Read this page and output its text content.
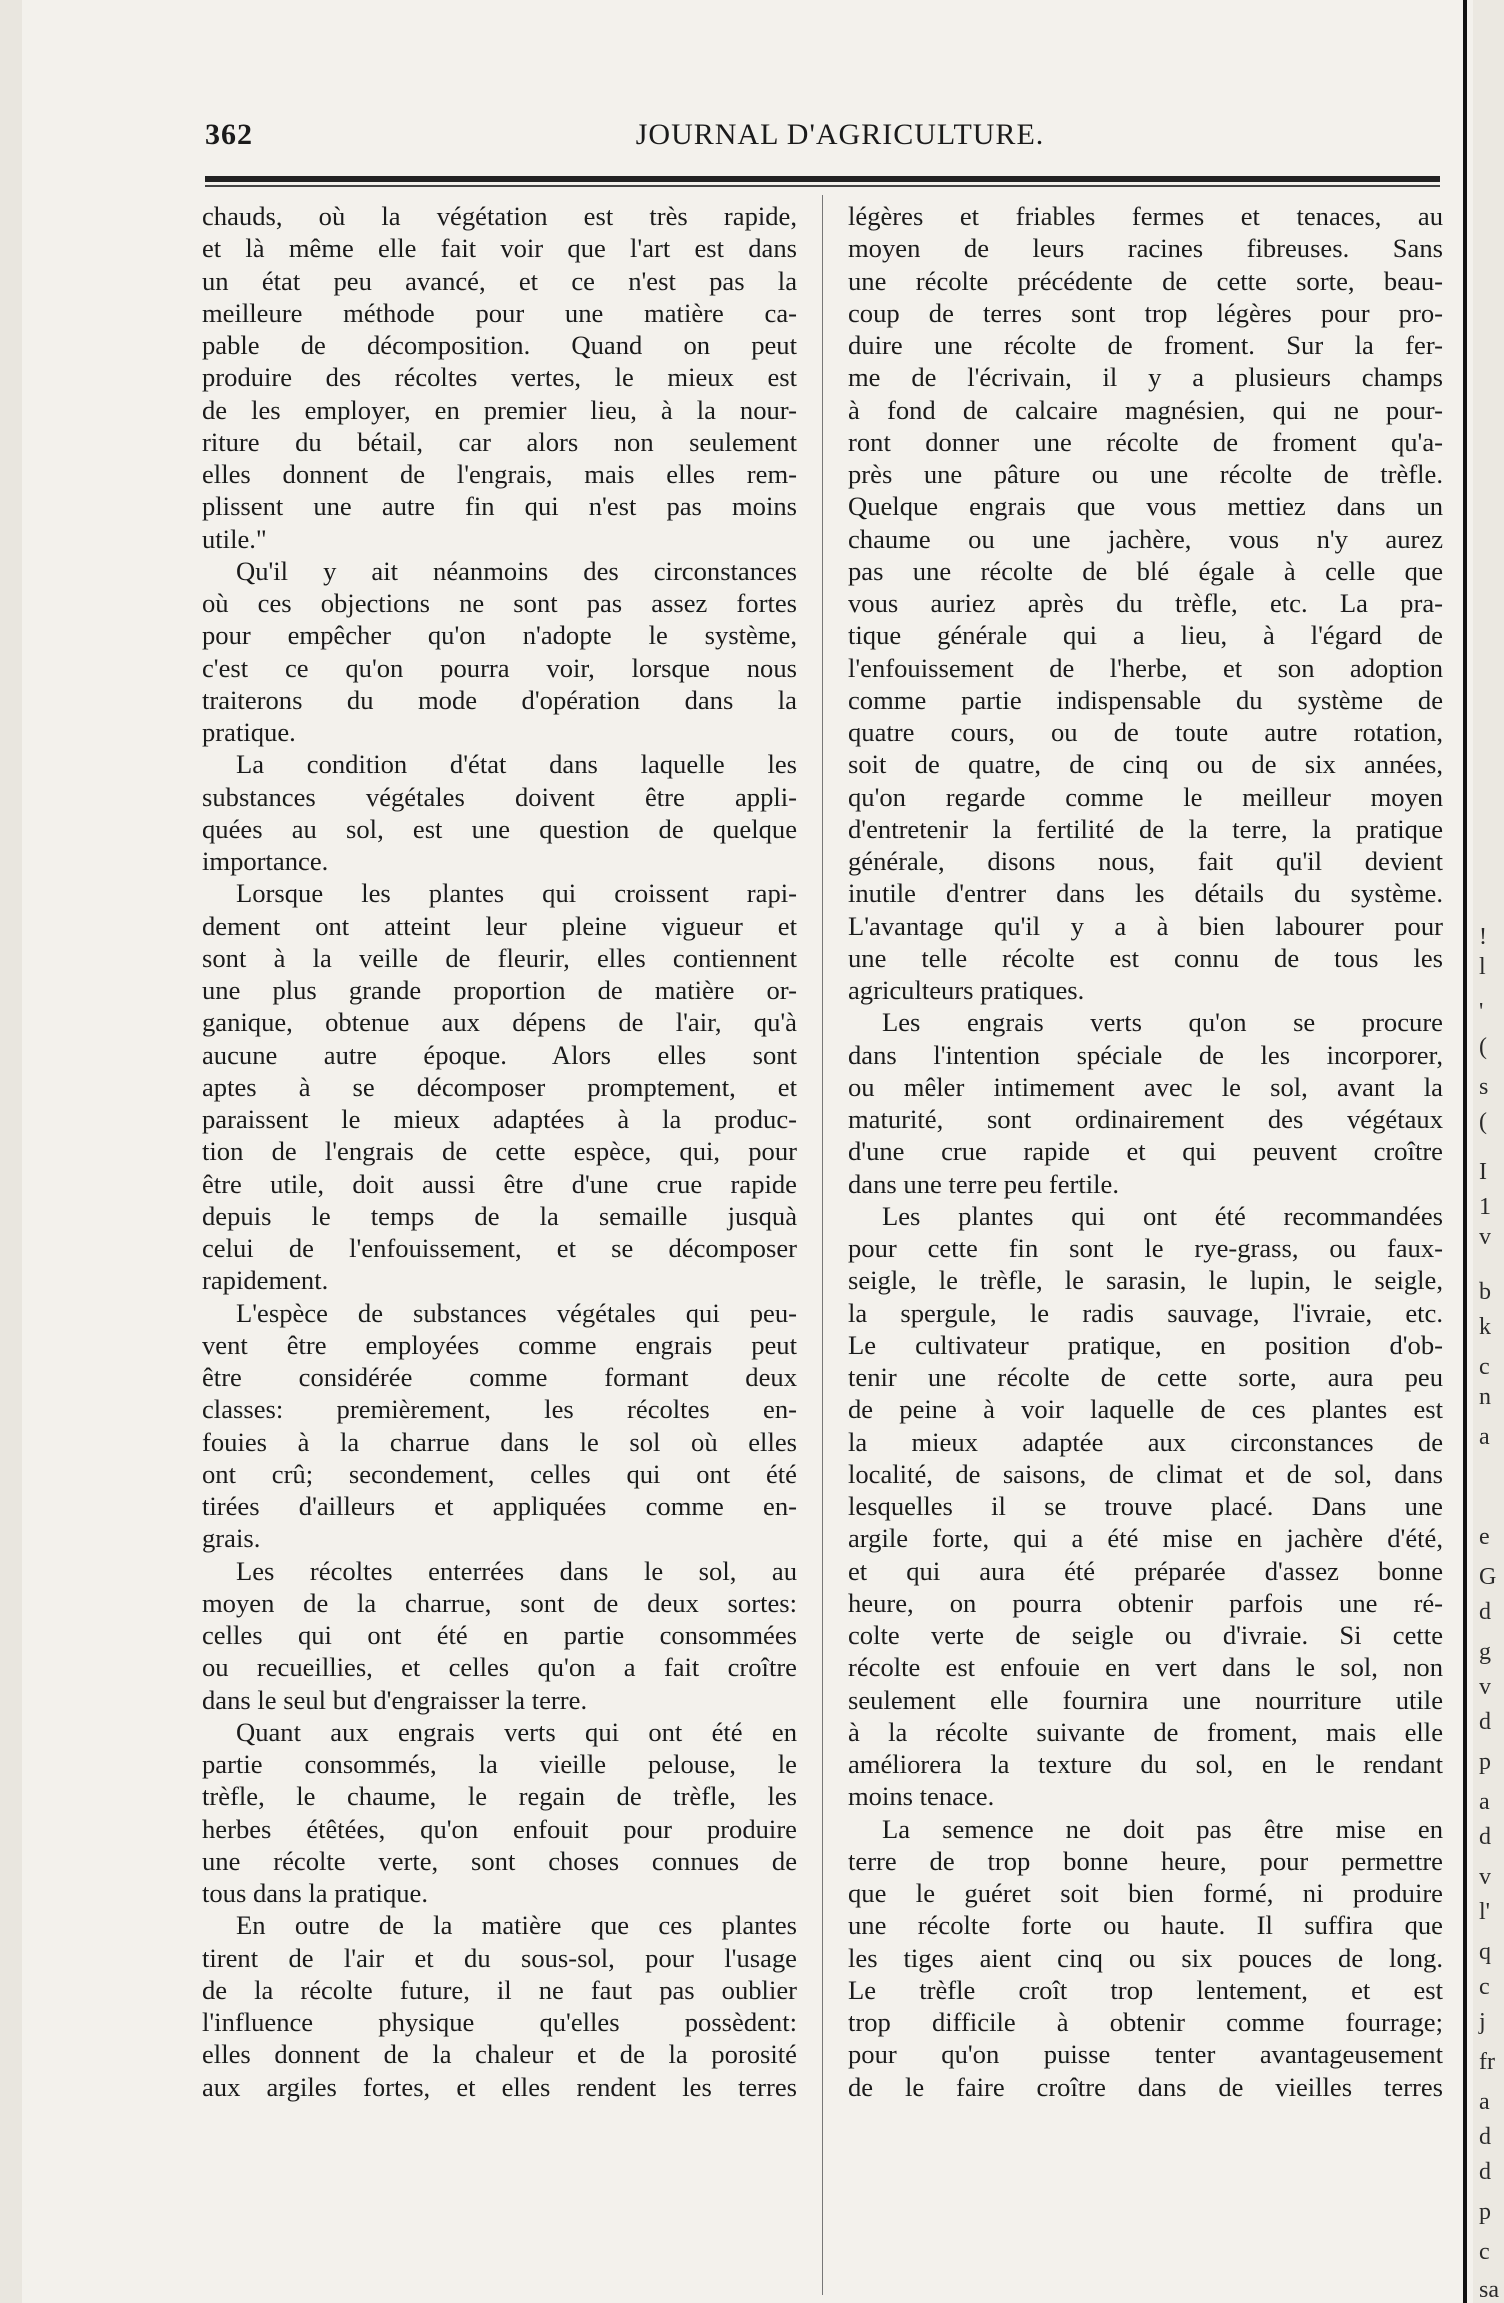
362	JOURNAL D'AGRICULTURE.
chauds, où la végétation est très rapide,
et là même elle fait voir que l'art est dans
un état peu avancé, et ce n'est pas la
meilleure méthode pour une matière ca-
pable de décomposition. Quand on peut
produire des récoltes vertes, le mieux est
de les employer, en premier lieu, à la nour-
riture du bétail, car alors non seulement
elles donnent de l'engrais, mais elles rem-
plissent une autre fin qui n'est pas moins
utile."
Qu'il y ait néanmoins des circonstances
où ces objections ne sont pas assez fortes
pour empêcher qu'on n'adopte le système,
c'est ce qu'on pourra voir, lorsque nous
traiterons du mode d'opération dans la
pratique.
La condition d'état dans laquelle les
substances végétales doivent être appli-
quées au sol, est une question de quelque
importance.
Lorsque les plantes qui croissent rapi-
dement ont atteint leur pleine vigueur et
sont à la veille de fleurir, elles contiennent
une plus grande proportion de matière or-
ganique, obtenue aux dépens de l'air, qu'à
aucune autre époque. Alors elles sont
aptes à se décomposer promptement, et
paraissent le mieux adaptées à la produc-
tion de l'engrais de cette espèce, qui, pour
être utile, doit aussi être d'une crue rapide
depuis le temps de la semaille jusquà
celui de l'enfouissement, et se décomposer
rapidement.
L'espèce de substances végétales qui peu-
vent être employées comme engrais peut
être considérée comme formant deux
classes: premièrement, les récoltes en-
fouies à la charrue dans le sol où elles
ont crû; secondement, celles qui ont été
tirées d'ailleurs et appliquées comme en-
grais.
Les récoltes enterrées dans le sol, au
moyen de la charrue, sont de deux sortes:
celles qui ont été en partie consommées
ou recueillies, et celles qu'on a fait croître
dans le seul but d'engraisser la terre.
Quant aux engrais verts qui ont été en
partie consommés, la vieille pelouse, le
trèfle, le chaume, le regain de trèfle, les
herbes étêtées, qu'on enfouit pour produire
une récolte verte, sont choses connues de
tous dans la pratique.
En outre de la matière que ces plantes
tirent de l'air et du sous-sol, pour l'usage
de la récolte future, il ne faut pas oublier
l'influence physique qu'elles possèdent:
elles donnent de la chaleur et de la porosité
aux argiles fortes, et elles rendent les terres
légères et friables fermes et tenaces, au
moyen de leurs racines fibreuses. Sans
une récolte précédente de cette sorte, beau-
coup de terres sont trop légères pour pro-
duire une récolte de froment. Sur la fer-
me de l'écrivain, il y a plusieurs champs
à fond de calcaire magnésien, qui ne pour-
ront donner une récolte de froment qu'a-
près une pâture ou une récolte de trèfle.
Quelque engrais que vous mettiez dans un
chaume ou une jachère, vous n'y aurez
pas une récolte de blé égale à celle que
vous auriez après du trèfle, etc. La pra-
tique générale qui a lieu, à l'égard de
l'enfouissement de l'herbe, et son adoption
comme partie indispensable du système de
quatre cours, ou de toute autre rotation,
soit de quatre, de cinq ou de six années,
qu'on regarde comme le meilleur moyen
d'entretenir la fertilité de la terre, la pratique
générale, disons nous, fait qu'il devient
inutile d'entrer dans les détails du système.
L'avantage qu'il y a à bien labourer pour
une telle récolte est connu de tous les
agriculteurs pratiques.
Les engrais verts qu'on se procure
dans l'intention spéciale de les incorporer,
ou mêler intimement avec le sol, avant la
maturité, sont ordinairement des végétaux
d'une crue rapide et qui peuvent croître
dans une terre peu fertile.
Les plantes qui ont été recommandées
pour cette fin sont le rye-grass, ou faux-
seigle, le trèfle, le sarasin, le lupin, le seigle,
la spergule, le radis sauvage, l'ivraie, etc.
Le cultivateur pratique, en position d'ob-
tenir une récolte de cette sorte, aura peu
de peine à voir laquelle de ces plantes est
la mieux adaptée aux circonstances de
localité, de saisons, de climat et de sol, dans
lesquelles il se trouve placé. Dans une
argile forte, qui a été mise en jachère d'été,
et qui aura été préparée d'assez bonne
heure, on pourra obtenir parfois une ré-
colte verte de seigle ou d'ivraie. Si cette
récolte est enfouie en vert dans le sol, non
seulement elle fournira une nourriture utile
à la récolte suivante de froment, mais elle
améliorera la texture du sol, en le rendant
moins tenace.
La semence ne doit pas être mise en
terre de trop bonne heure, pour permettre
que le guéret soit bien formé, ni produire
une récolte forte ou haute. Il suffira que
les tiges aient cinq ou six pouces de long.
Le trèfle croît trop lentement, et est
trop difficile à obtenir comme fourrage;
pour qu'on puisse tenter avantageusement
de le faire croître dans de vieilles terres
!
l
'
(
s
(
I
1
v
b
k
c
n
a
e
G
d
g
v
d
p
a
d
v
l'
q
c
j
fr
a
d
d
p
c
sa
